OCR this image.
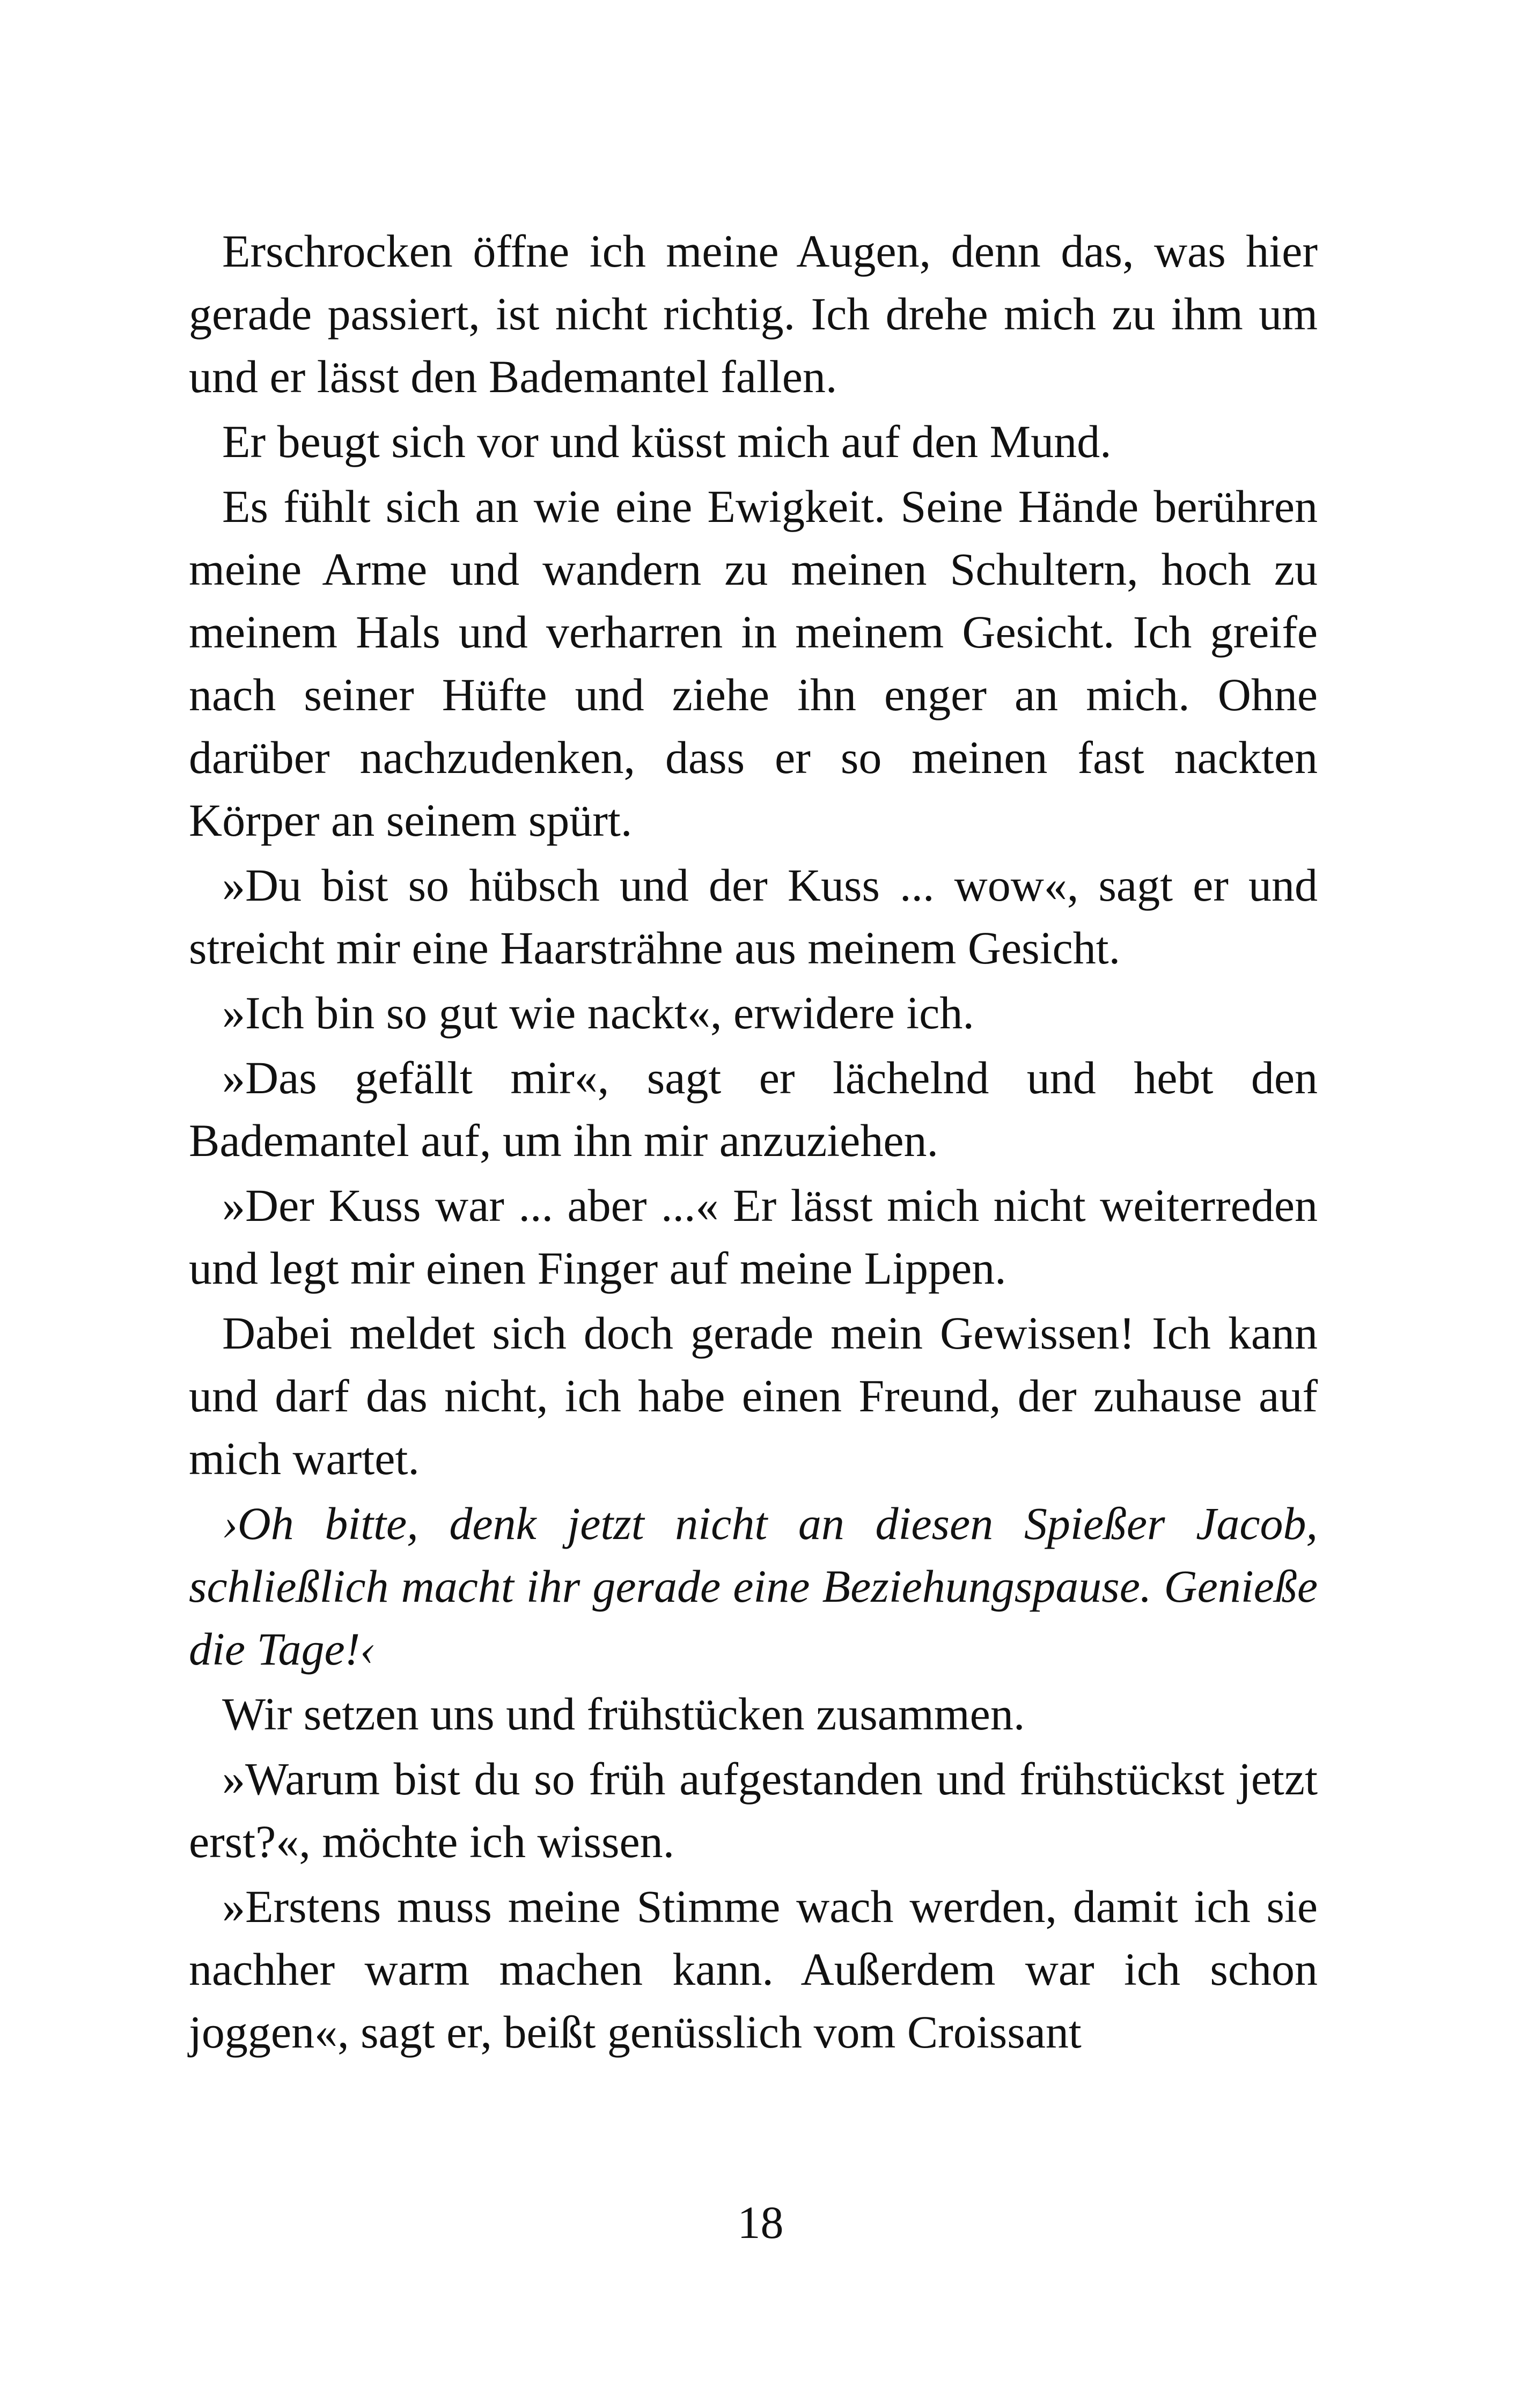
Erschrocken öffne ich meine Augen, denn das, was hier gerade passiert, ist nicht richtig. Ich drehe mich zu ihm um und er lässt den Bademantel fallen.

Er beugt sich vor und küsst mich auf den Mund.

Es fühlt sich an wie eine Ewigkeit. Seine Hände berühren meine Arme und wandern zu meinen Schultern, hoch zu meinem Hals und verharren in meinem Gesicht. Ich greife nach seiner Hüfte und ziehe ihn enger an mich. Ohne darüber nachzudenken, dass er so meinen fast nackten Körper an seinem spürt.

»Du bist so hübsch und der Kuss ... wow«, sagt er und streicht mir eine Haarsträhne aus meinem Gesicht.

»Ich bin so gut wie nackt«, erwidere ich.

»Das gefällt mir«, sagt er lächelnd und hebt den Bademantel auf, um ihn mir anzuziehen.

»Der Kuss war ... aber ...« Er lässt mich nicht weiterreden und legt mir einen Finger auf meine Lippen.

Dabei meldet sich doch gerade mein Gewissen! Ich kann und darf das nicht, ich habe einen Freund, der zuhause auf mich wartet.

›Oh bitte, denk jetzt nicht an diesen Spießer Jacob, schließlich macht ihr gerade eine Beziehungspause. Genieße die Tage!‹

Wir setzen uns und frühstücken zusammen.

»Warum bist du so früh aufgestanden und frühstückst jetzt erst?«, möchte ich wissen.

»Erstens muss meine Stimme wach werden, damit ich sie nachher warm machen kann. Außerdem war ich schon joggen«, sagt er, beißt genüsslich vom Croissant

18
